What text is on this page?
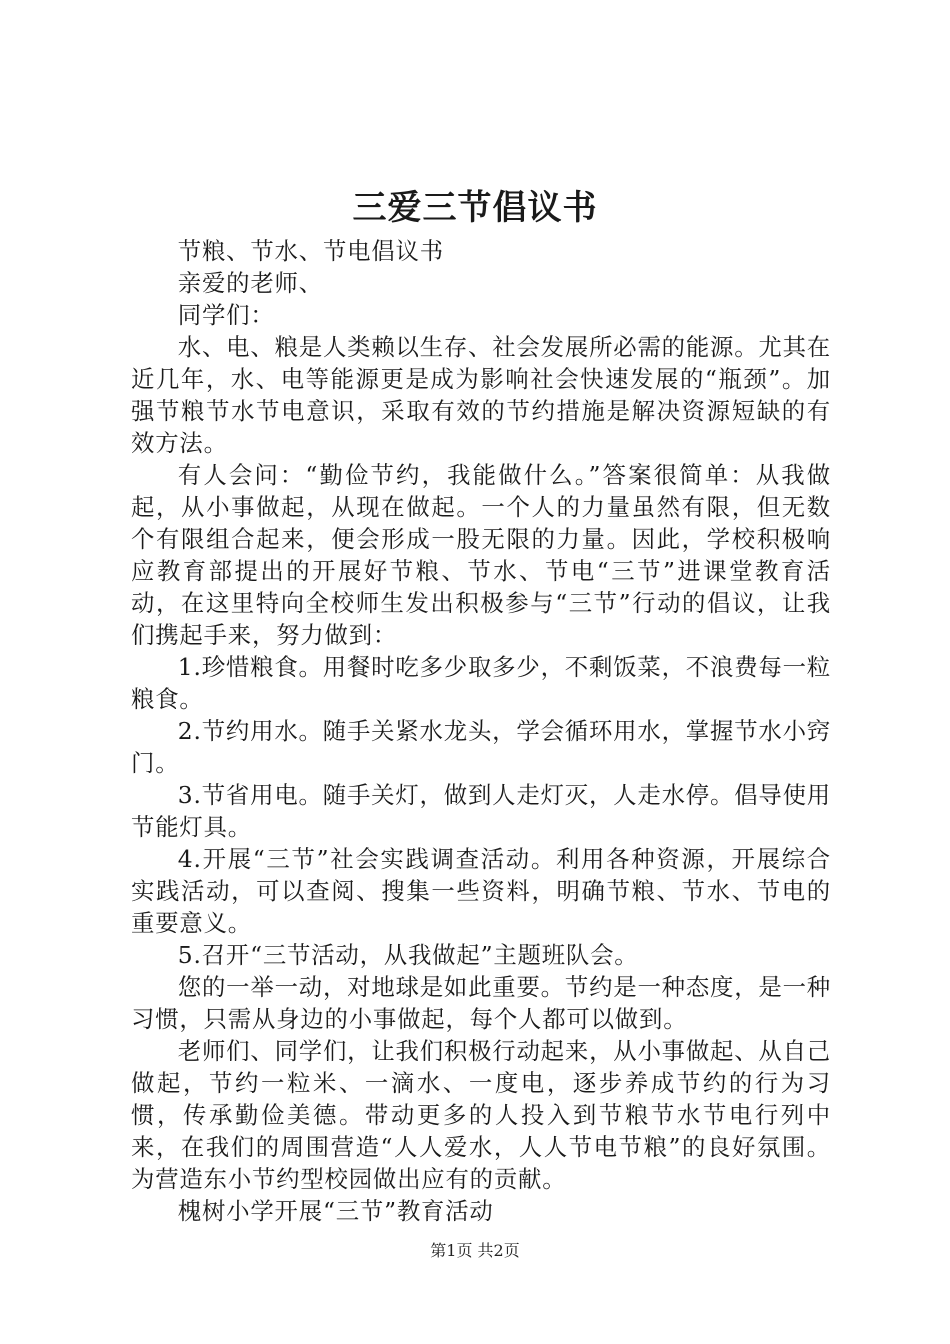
三爱三节倡议书

节粮、节水、节电倡议书

亲爱的老师、

同学们：

水、电、粮是人类赖以生存、社会发展所必需的能源。尤其在近几年，水、电等能源更是成为影响社会快速发展的“瓶颈”。加强节粮节水节电意识，采取有效的节约措施是解决资源短缺的有效方法。

有人会问：“勤俭节约，我能做什么。”答案很简单：从我做起，从小事做起，从现在做起。一个人的力量虽然有限，但无数个有限组合起来，便会形成一股无限的力量。因此，学校积极响应教育部提出的开展好节粮、节水、节电“三节”进课堂教育活动，在这里特向全校师生发出积极参与“三节”行动的倡议，让我们携起手来，努力做到：

1.珍惜粮食。用餐时吃多少取多少，不剩饭菜，不浪费每一粒粮食。

2.节约用水。随手关紧水龙头，学会循环用水，掌握节水小窍门。

3.节省用电。随手关灯，做到人走灯灭，人走水停。倡导使用节能灯具。

4.开展“三节”社会实践调查活动。利用各种资源，开展综合实践活动，可以查阅、搜集一些资料，明确节粮、节水、节电的重要意义。

5.召开“三节活动，从我做起”主题班队会。

您的一举一动，对地球是如此重要。节约是一种态度，是一种习惯，只需从身边的小事做起，每个人都可以做到。

老师们、同学们，让我们积极行动起来，从小事做起、从自己做起，节约一粒米、一滴水、一度电，逐步养成节约的行为习惯，传承勤俭美德。带动更多的人投入到节粮节水节电行列中来，在我们的周围营造“人人爱水，人人节电节粮”的良好氛围。为营造东小节约型校园做出应有的贡献。

槐树小学开展“三节”教育活动

第1页 共2页
